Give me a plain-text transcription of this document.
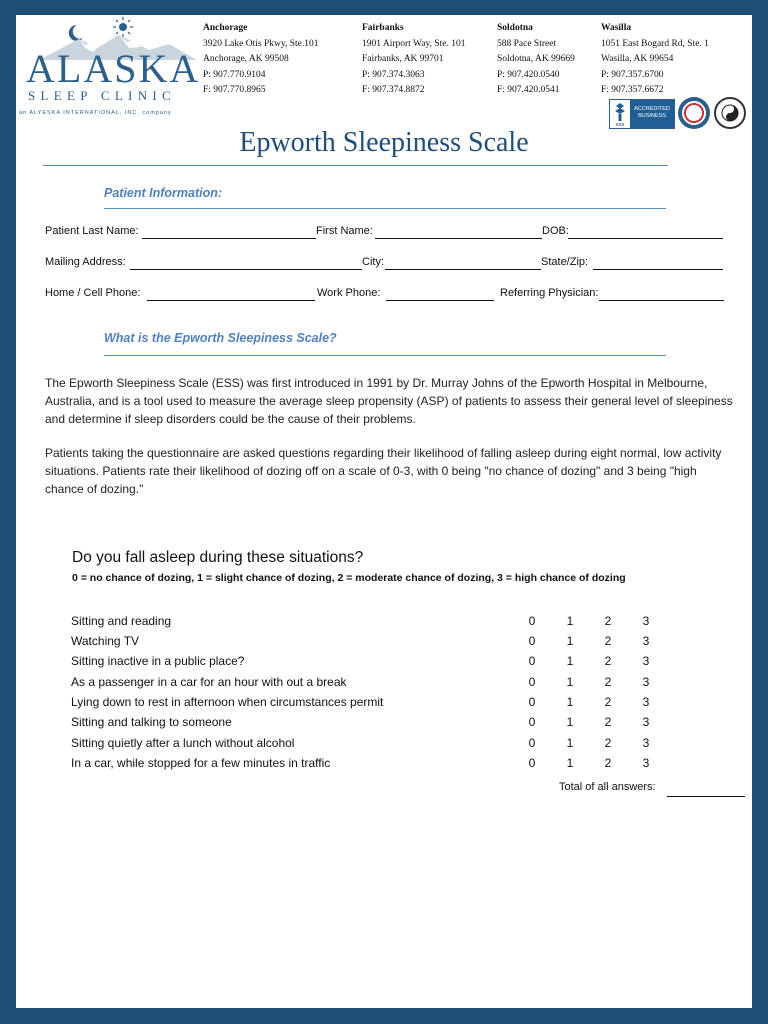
ALASKA
SLEEP CLINIC
an ALYESKA INTERNATIONAL, INC. company
Anchorage
3920 Lake Otis Pkwy, Ste.101
Anchorage, AK 99508
P: 907.770.9104
F: 907.770.8965
Fairbanks
1901 Airport Way, Ste. 101
Fairbanks, AK 99701
P: 907.374.3063
F: 907.374.8872
Soldotna
588 Pace Street
Soldotna, AK 99669
P: 907.420.0540
F: 907.420.0541
Wasilla
1051 East Bogard Rd, Ste. 1
Wasilla, AK 99654
P: 907.357.6700
F: 907.357.6672
BBB
ACCREDITED BUSINESS
Epworth Sleepiness Scale
Patient Information:
Patient Last Name:	First Name:	DOB:
Mailing Address:	City:	State/Zip:
Home / Cell Phone:	Work Phone:	Referring Physician:
What is the Epworth Sleepiness Scale?
The Epworth Sleepiness Scale (ESS) was first introduced in 1991 by Dr. Murray Johns of the Epworth Hospital in Melbourne, Australia, and is a tool used to measure the average sleep propensity (ASP) of patients to assess their general level of sleepiness and determine if sleep disorders could be the cause of their problems.
Patients taking the questionnaire are asked questions regarding their likelihood of falling asleep during eight normal, low activity situations. Patients rate their likelihood of dozing off on a scale of 0-3, with 0 being "no chance of dozing" and 3 being "high chance of dozing."
Do you fall asleep during these situations?
0 = no chance of dozing, 1 = slight chance of dozing, 2 = moderate chance of dozing, 3 = high chance of dozing
Sitting and reading	0	1	2	3
Watching TV	0	1	2	3
Sitting inactive in a public place?	0	1	2	3
As a passenger in a car for an hour with out a break	0	1	2	3
Lying down to rest in afternoon when circumstances permit	0	1	2	3
Sitting and talking to someone	0	1	2	3
Sitting quietly after a lunch without alcohol	0	1	2	3
In a car, while stopped for a few minutes in traffic	0	1	2	3
Total of all answers:
